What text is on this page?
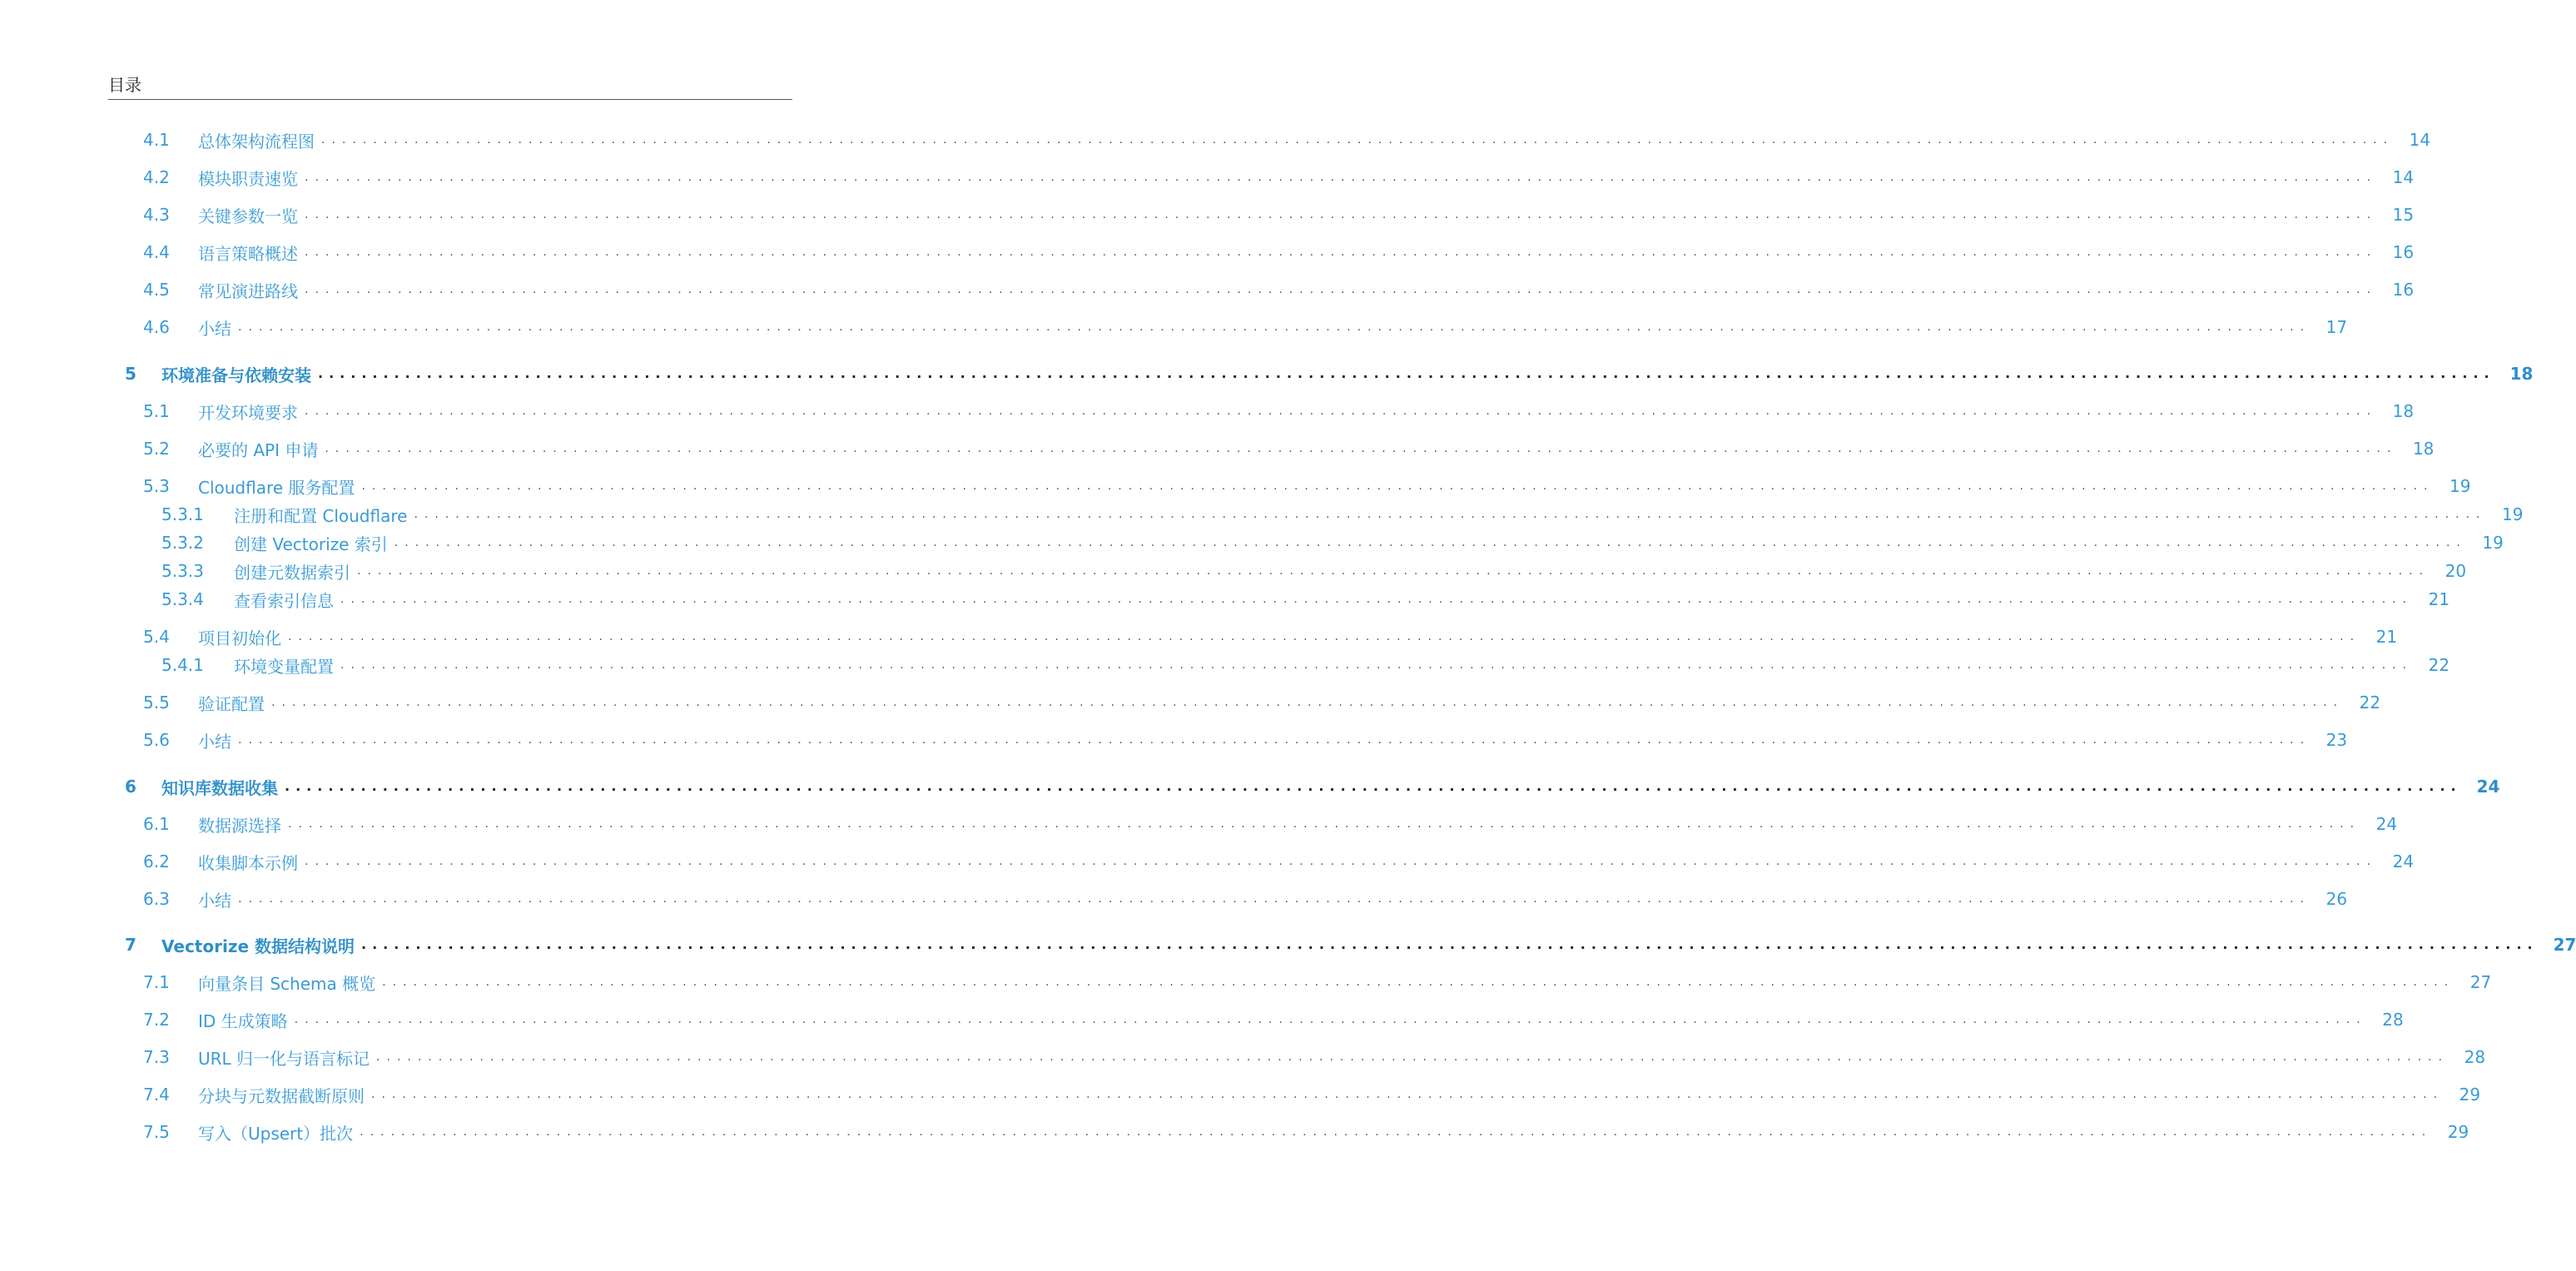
目录
4.1	总体架构流程图 ........................................................................................................................................................................................................ 14
4.2	模块职责速览 ........................................................................................................................................................................................................ 14
4.3	关键参数一览 ........................................................................................................................................................................................................ 15
4.4	语言策略概述 ........................................................................................................................................................................................................ 16
4.5	常见演进路线 ........................................................................................................................................................................................................ 16
4.6	小结 ........................................................................................................................................................................................................ 17
5	环境准备与依赖安装 ........................................................................................................................................................................................................ 18
5.1	开发环境要求 ........................................................................................................................................................................................................ 18
5.2	必要的 API 申请 ........................................................................................................................................................................................................ 18
5.3	Cloudflare 服务配置 ........................................................................................................................................................................................................ 19
5.3.1	注册和配置 Cloudflare ........................................................................................................................................................................................................ 19
5.3.2	创建 Vectorize 索引 ........................................................................................................................................................................................................ 19
5.3.3	创建元数据索引 ........................................................................................................................................................................................................ 20
5.3.4	查看索引信息 ........................................................................................................................................................................................................ 21
5.4	项目初始化 ........................................................................................................................................................................................................ 21
5.4.1	环境变量配置 ........................................................................................................................................................................................................ 22
5.5	验证配置 ........................................................................................................................................................................................................ 22
5.6	小结 ........................................................................................................................................................................................................ 23
6	知识库数据收集 ........................................................................................................................................................................................................ 24
6.1	数据源选择 ........................................................................................................................................................................................................ 24
6.2	收集脚本示例 ........................................................................................................................................................................................................ 24
6.3	小结 ........................................................................................................................................................................................................ 26
7	Vectorize 数据结构说明 ........................................................................................................................................................................................................ 27
7.1	向量条目 Schema 概览 ........................................................................................................................................................................................................ 27
7.2	ID 生成策略 ........................................................................................................................................................................................................ 28
7.3	URL 归一化与语言标记 ........................................................................................................................................................................................................ 28
7.4	分块与元数据截断原则 ........................................................................................................................................................................................................ 29
7.5	写入（Upsert）批次 ........................................................................................................................................................................................................ 29
